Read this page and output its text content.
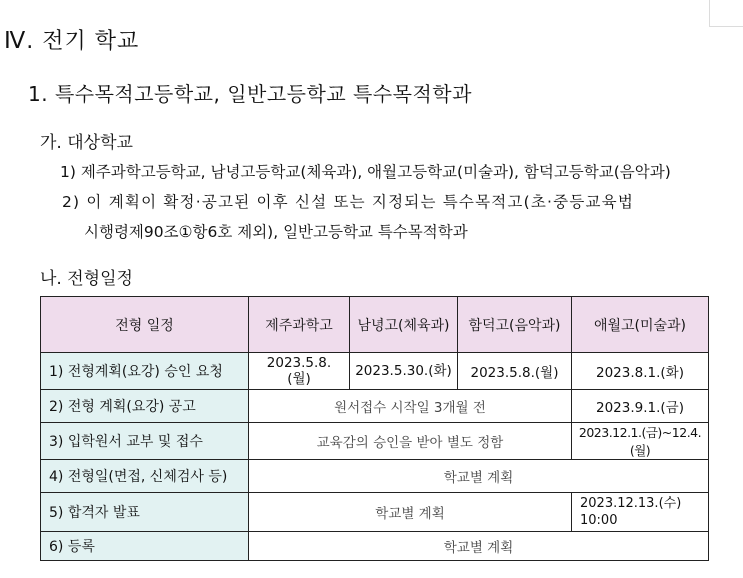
Ⅳ. 전기 학교
1. 특수목적고등학교, 일반고등학교 특수목적학과
가. 대상학교
1) 제주과학고등학교, 남녕고등학교(체육과), 애월고등학교(미술과), 함덕고등학교(음악과)
2) 이 계획이 확정·공고된 이후 신설 또는 지정되는 특수목적고(초·중등교육법
시행령제90조①항6호 제외), 일반고등학교 특수목적학과
나. 전형일정
전형 일정	제주과학고	남녕고(체육과)	함덕고(음악과)	애월고(미술과)
1) 전형계획(요강) 승인 요청	2023.5.8.(월)	2023.5.30.(화)	2023.5.8.(월)	2023.8.1.(화)
2) 전형 계획(요강) 공고	원서접수 시작일 3개월 전			2023.9.1.(금)
3) 입학원서 교부 및 접수	교육감의 승인을 받아 별도 정함			2023.12.1.(금)~12.4.(월)
4) 전형일(면접, 신체검사 등)	학교별 계획			
5) 합격자 발표	학교별 계획			2023.12.13.(수) 10:00
6) 등록	학교별 계획			
